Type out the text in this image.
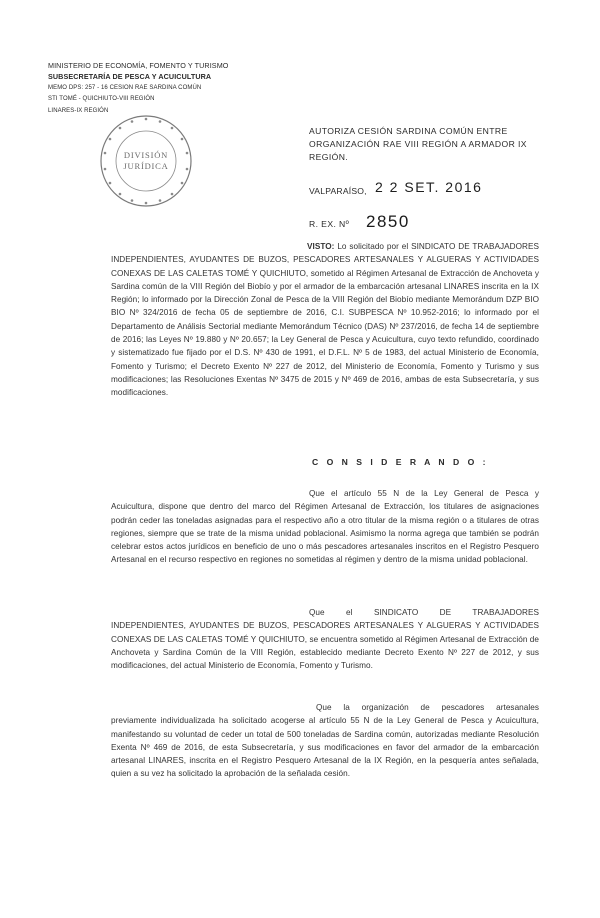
MINISTERIO DE ECONOMÍA, FOMENTO Y TURISMO
SUBSECRETARÍA DE PESCA Y ACUICULTURA
MEMO DPS: 257 - 16 CESION RAE SARDINA COMÚN
STI TOMÉ - QUICHIUTO-VIII REGIÓN
LINARES-IX REGIÓN
DIVISIÓN
JURÍDICA
AUTORIZA CESIÓN SARDINA COMÚN ENTRE ORGANIZACIÓN RAE VIII REGIÓN A ARMADOR IX REGIÓN.
VALPARAÍSO, 2 2 SET. 2016
R. EX. Nº 2850
VISTO: Lo solicitado por el SINDICATO DE TRABAJADORES INDEPENDIENTES, AYUDANTES DE BUZOS, PESCADORES ARTESANALES Y ALGUERAS Y ACTIVIDADES CONEXAS DE LAS CALETAS TOMÉ Y QUICHIUTO, sometido al Régimen Artesanal de Extracción de Anchoveta y Sardina común de la VIII Región del Biobío y por el armador de la embarcación artesanal LINARES inscrita en la IX Región; lo informado por la Dirección Zonal de Pesca de la VIII Región del Biobío mediante Memorándum DZP BIO BIO Nº 324/2016 de fecha 05 de septiembre de 2016, C.I. SUBPESCA Nº 10.952-2016; lo informado por el Departamento de Análisis Sectorial mediante Memorándum Técnico (DAS) Nº 237/2016, de fecha 14 de septiembre de 2016; las Leyes Nº 19.880 y Nº 20.657; la Ley General de Pesca y Acuicultura, cuyo texto refundido, coordinado y sistematizado fue fijado por el D.S. Nº 430 de 1991, el D.F.L. Nº 5 de 1983, del actual Ministerio de Economía, Fomento y Turismo; el Decreto Exento Nº 227 de 2012, del Ministerio de Economía, Fomento y Turismo y sus modificaciones; las Resoluciones Exentas Nº 3475 de 2015 y Nº 469 de 2016, ambas de esta Subsecretaría, y sus modificaciones.
C O N S I D E R A N D O :
Que el artículo 55 N de la Ley General de Pesca y Acuicultura, dispone que dentro del marco del Régimen Artesanal de Extracción, los titulares de asignaciones podrán ceder las toneladas asignadas para el respectivo año a otro titular de la misma región o a titulares de otras regiones, siempre que se trate de la misma unidad poblacional. Asimismo la norma agrega que también se podrán celebrar estos actos jurídicos en beneficio de uno o más pescadores artesanales inscritos en el Registro Pesquero Artesanal en el recurso respectivo en regiones no sometidas al régimen y dentro de la misma unidad poblacional.
Que el SINDICATO DE TRABAJADORES INDEPENDIENTES, AYUDANTES DE BUZOS, PESCADORES ARTESANALES Y ALGUERAS Y ACTIVIDADES CONEXAS DE LAS CALETAS TOMÉ Y QUICHIUTO, se encuentra sometido al Régimen Artesanal de Extracción de Anchoveta y Sardina Común de la VIII Región, establecido mediante Decreto Exento Nº 227 de 2012, y sus modificaciones, del actual Ministerio de Economía, Fomento y Turismo.
Que la organización de pescadores artesanales previamente individualizada ha solicitado acogerse al artículo 55 N de la Ley General de Pesca y Acuicultura, manifestando su voluntad de ceder un total de 500 toneladas de Sardina común, autorizadas mediante Resolución Exenta Nº 469 de 2016, de esta Subsecretaría, y sus modificaciones en favor del armador de la embarcación artesanal LINARES, inscrita en el Registro Pesquero Artesanal de la IX Región, en la pesquería antes señalada, quien a su vez ha solicitado la aprobación de la señalada cesión.
